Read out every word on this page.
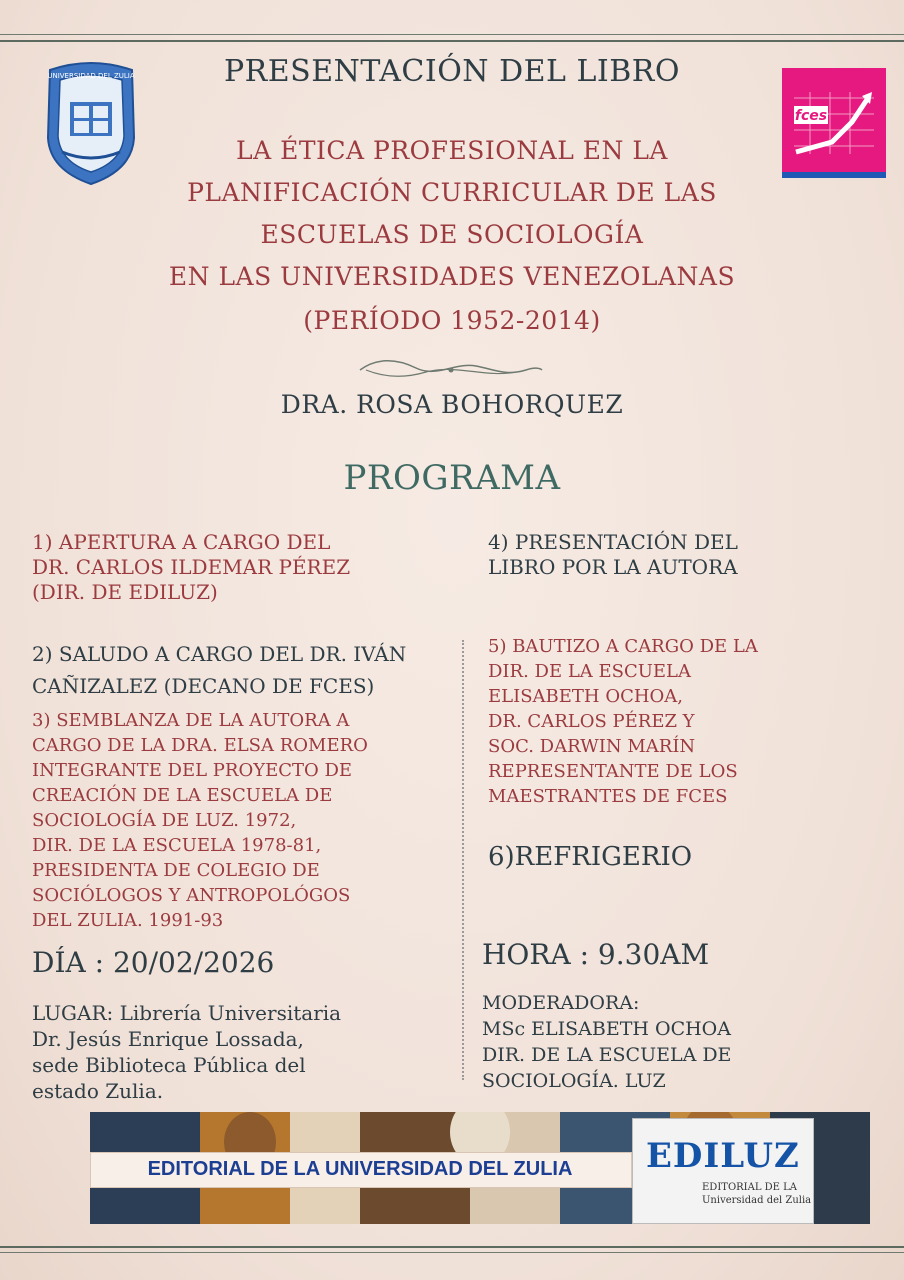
UNIVERSIDAD DEL ZULIA
fces
PRESENTACIÓN DEL LIBRO
LA ÉTICA PROFESIONAL EN LA
PLANIFICACIÓN CURRICULAR DE LAS
ESCUELAS DE SOCIOLOGÍA
EN LAS UNIVERSIDADES VENEZOLANAS
(PERÍODO 1952-2014)
DRA. ROSA BOHORQUEZ
PROGRAMA
1) APERTURA A CARGO DEL
DR. CARLOS ILDEMAR PÉREZ
(DIR. DE EDILUZ)
2) SALUDO A CARGO DEL DR. IVÁN
CAÑIZALEZ (DECANO DE FCES)
3) SEMBLANZA DE LA AUTORA A
CARGO DE LA DRA. ELSA ROMERO
INTEGRANTE DEL PROYECTO DE
CREACIÓN DE LA ESCUELA DE
SOCIOLOGÍA DE LUZ. 1972,
DIR. DE LA ESCUELA 1978-81,
PRESIDENTA DE COLEGIO DE
SOCIÓLOGOS Y ANTROPOLÓGOS
DEL ZULIA. 1991-93
DÍA : 20/02/2026
LUGAR: Librería Universitaria
Dr. Jesús Enrique Lossada,
sede Biblioteca Pública del
estado Zulia.
4) PRESENTACIÓN DEL
LIBRO POR LA AUTORA
5) BAUTIZO A CARGO DE LA
DIR. DE LA ESCUELA
ELISABETH OCHOA,
DR. CARLOS PÉREZ Y
SOC. DARWIN MARÍN
REPRESENTANTE DE LOS
MAESTRANTES DE FCES
6)REFRIGERIO
HORA : 9.30AM
MODERADORA:
MSc ELISABETH OCHOA
DIR. DE LA ESCUELA DE
SOCIOLOGÍA. LUZ
EDITORIAL DE LA UNIVERSIDAD DEL ZULIA	EDILUZ
EDITORIAL DE LA
Universidad del Zulia
